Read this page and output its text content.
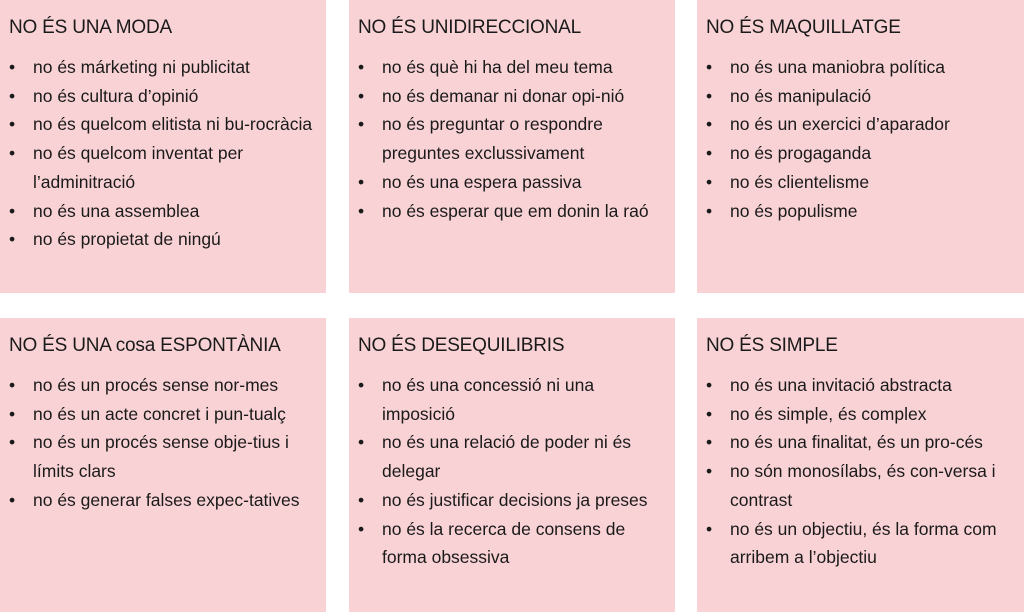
NO ÉS UNA MODA
•	no és márketing ni publicitat
•	no és cultura d’opinió
•	no és quelcom elitista ni bu-rocràcia
•	no és quelcom inventat per l’adminitració
•	no és una assemblea
•	no és propietat de ningú
NO ÉS UNIDIRECCIONAL
•	no és què hi ha del meu tema
•	no és demanar ni donar opi-nió
•	no és preguntar o respondre preguntes exclussivament
•	no és una espera passiva
•	no és esperar que em donin la raó
NO ÉS MAQUILLATGE
•	no és una maniobra política
•	no és manipulació
•	no és un exercici d’aparador
•	no és progaganda
•	no és clientelisme
•	no és populisme
NO ÉS UNA cosa ESPONTÀNIA
•	no és un procés sense nor-mes
•	no és un acte concret i pun-tualç
•	no és un procés sense obje-tius i límits clars
•	no és generar falses expec-tatives
NO ÉS DESEQUILIBRIS
•	no és una concessió ni una imposició
•	no és una relació de poder ni és delegar
•	no és justificar decisions ja preses
•	no és la recerca de consens de forma obsessiva
NO ÉS SIMPLE
•	no és una invitació abstracta
•	no és simple, és complex
•	no és una finalitat, és un pro-cés
•	no són monosílabs, és con-versa i contrast
•	no és un objectiu, és la forma com arribem a l’objectiu
